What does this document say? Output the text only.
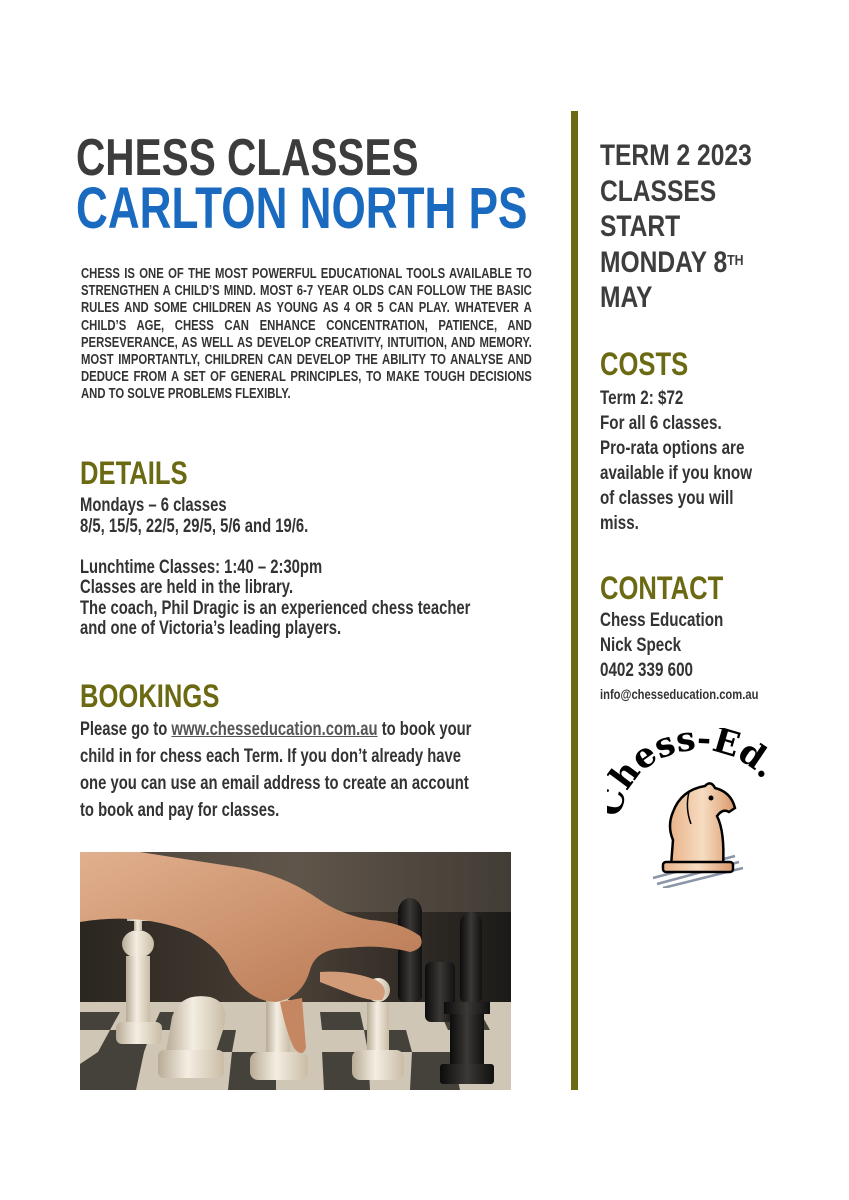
CHESS CLASSES
CARLTON NORTH PS
CHESS IS ONE OF THE MOST POWERFUL EDUCATIONAL TOOLS AVAILABLE TO STRENGTHEN A CHILD’S MIND. MOST 6-7 YEAR OLDS CAN FOLLOW THE BASIC RULES AND SOME CHILDREN AS YOUNG AS 4 OR 5 CAN PLAY. WHATEVER A CHILD’S AGE, CHESS CAN ENHANCE CONCENTRATION, PATIENCE, AND PERSEVERANCE, AS WELL AS DEVELOP CREATIVITY, INTUITION, AND MEMORY. MOST IMPORTANTLY, CHILDREN CAN DEVELOP THE ABILITY TO ANALYSE AND DEDUCE FROM A SET OF GENERAL PRINCIPLES, TO MAKE TOUGH DECISIONS AND TO SOLVE PROBLEMS FLEXIBLY.
DETAILS

Mondays – 6 classes

8/5, 15/5, 22/5, 29/5, 5/6 and 19/6.

Lunchtime Classes: 1:40 – 2:30pm

Classes are held in the library.

The coach, Phil Dragic is an experienced chess teacher

and one of Victoria’s leading players.

BOOKINGS

Please go to www.chesseducation.com.au to book your

child in for chess each Term. If you don’t already have

one you can use an email address to create an account

to book and pay for classes.

TERM 2 2023
CLASSES
START
MONDAY 8TH
MAY
COSTS

Term 2: $72

For all 6 classes.

Pro-rata options are

available if you know

of classes you will

miss.

CONTACT

Chess Education

Nick Speck

0402 339 600

info@chesseducation.com.au

ess-Ed.
